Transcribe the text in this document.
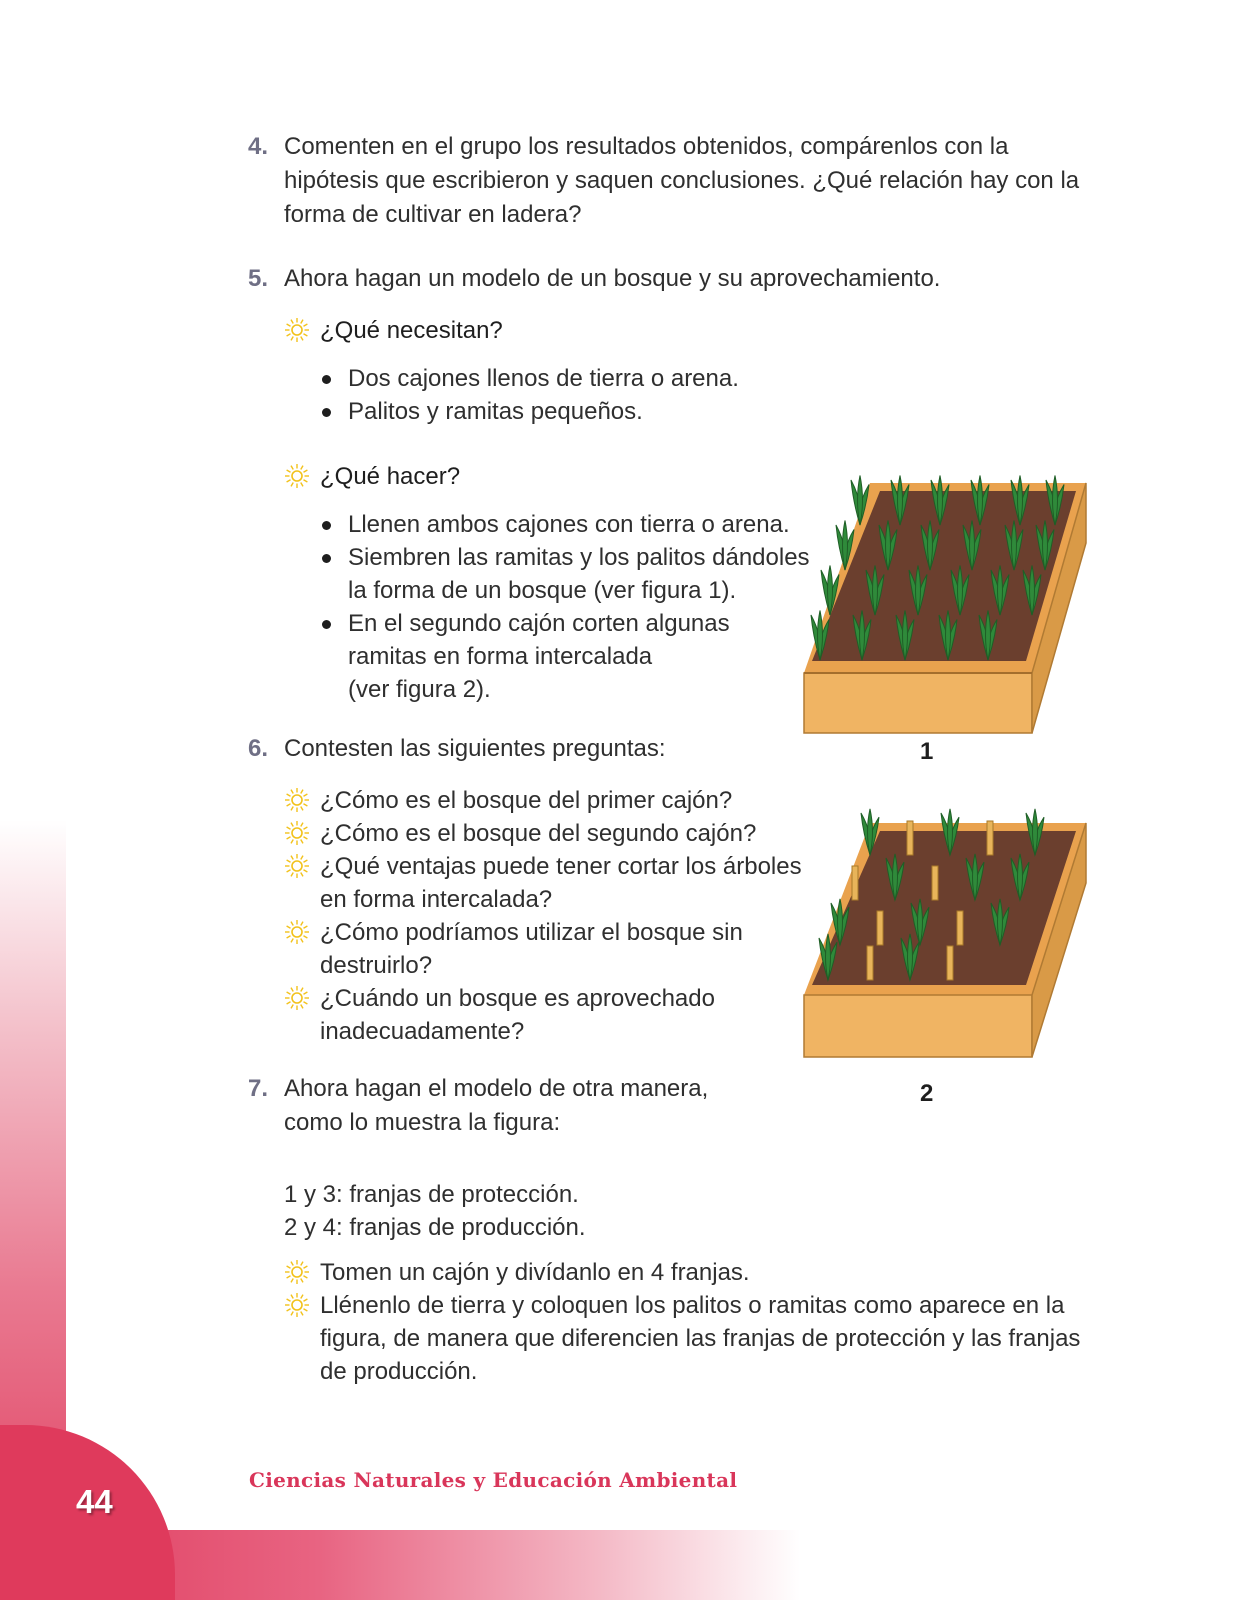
44
Ciencias Naturales y Educación Ambiental
4. Comenten en el grupo los resultados obtenidos, compárenlos con la
hipótesis que escribieron y saquen conclusiones. ¿Qué relación hay con la
forma de cultivar en ladera?
5. Ahora hagan un modelo de un bosque y su aprovechamiento.
¿Qué necesitan?
Dos cajones llenos de tierra o arena.
Palitos y ramitas pequeños.
¿Qué hacer?
Llenen ambos cajones con tierra o arena.
Siembren las ramitas y los palitos dándoles
la forma de un bosque (ver figura 1).
En el segundo cajón corten algunas
ramitas en forma intercalada
(ver figura 2).
6. Contesten las siguientes preguntas:
¿Cómo es el bosque del primer cajón?
¿Cómo es el bosque del segundo cajón?
¿Qué ventajas puede tener cortar los árboles
en forma intercalada?
¿Cómo podríamos utilizar el bosque sin
destruirlo?
¿Cuándo un bosque es aprovechado
inadecuadamente?
7. Ahora hagan el modelo de otra manera,
como lo muestra la figura:
1 y 3: franjas de protección.
2 y 4: franjas de producción.
Tomen un cajón y divídanlo en 4 franjas.
Llénenlo de tierra y coloquen los palitos o ramitas como aparece en la
figura, de manera que diferencien las franjas de protección y las franjas
de producción.
1
2
